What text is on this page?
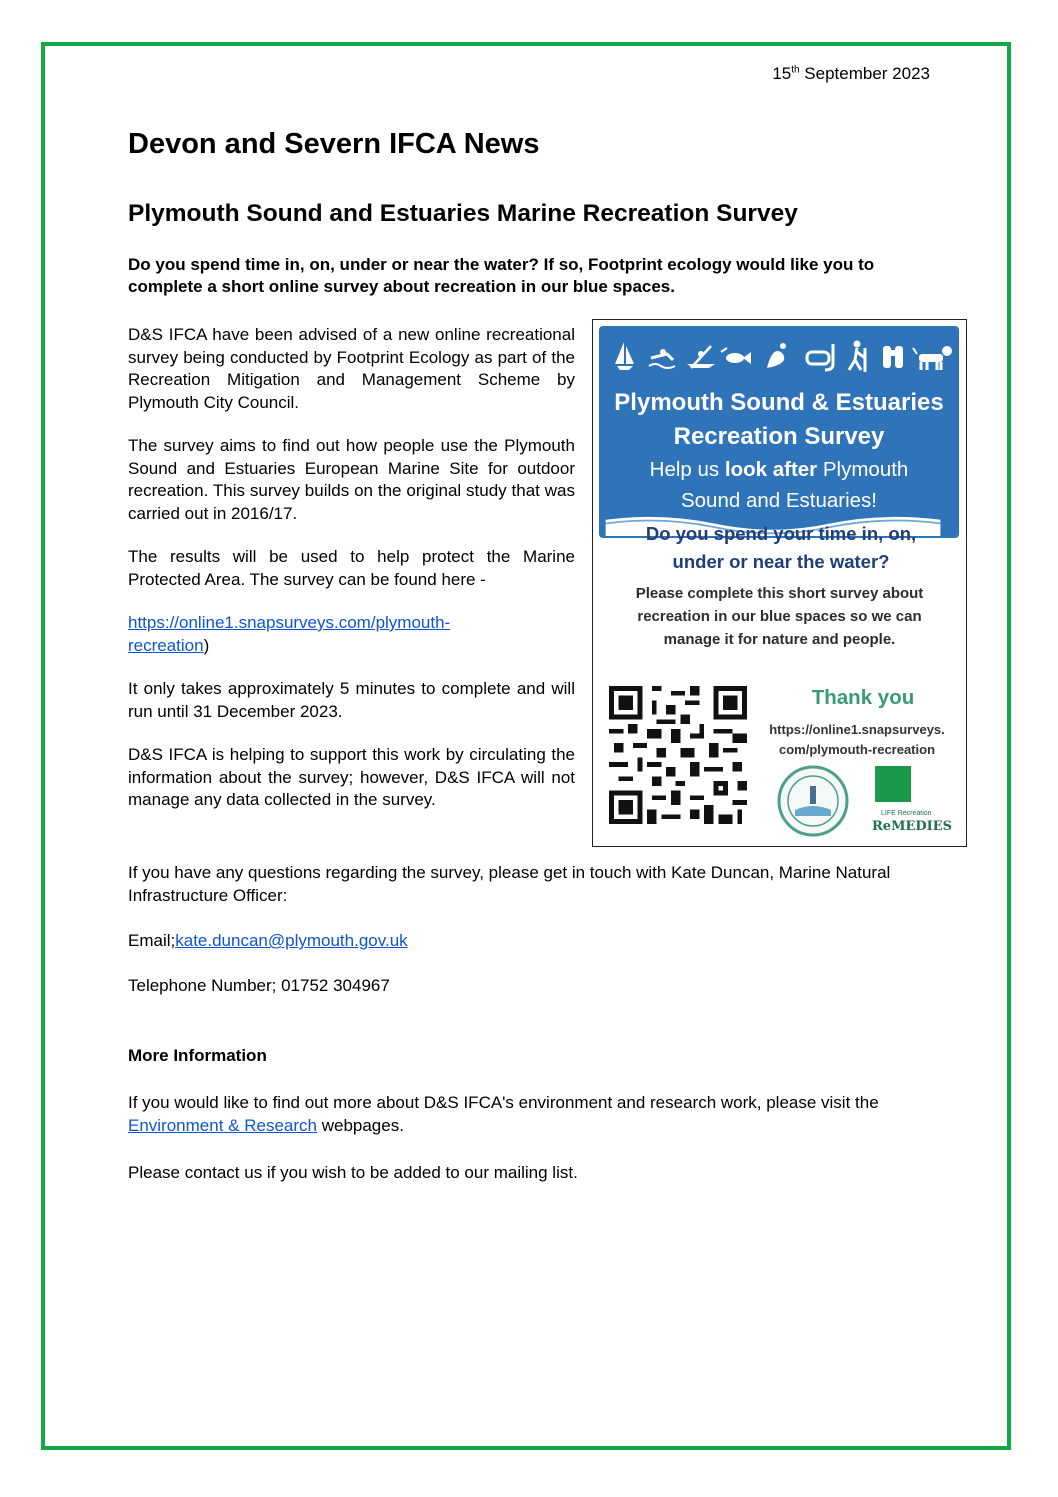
15th September 2023
Devon and Severn IFCA News
Plymouth Sound and Estuaries Marine Recreation Survey
Do you spend time in, on, under or near the water? If so, Footprint ecology would like you to complete a short online survey about recreation in our blue spaces.

D&S IFCA have been advised of a new online recreational survey being conducted by Footprint Ecology as part of the Recreation Mitigation and Management Scheme by Plymouth City Council.

The survey aims to find out how people use the Plymouth Sound and Estuaries European Marine Site for outdoor recreation. This survey builds on the original study that was carried out in 2016/17.

The results will be used to help protect the Marine Protected Area. The survey can be found here -

https://online1.snapsurveys.com/plymouth-
recreation)

It only takes approximately 5 minutes to complete and will run until 31 December 2023.

D&S IFCA is helping to support this work by circulating the information about the survey; however, D&S IFCA will not manage any data collected in the survey.

If you have any questions regarding the survey, please get in touch with Kate Duncan, Marine Natural Infrastructure Officer:
Email;kate.duncan@plymouth.gov.uk
Telephone Number; 01752 304967
More Information
If you would like to find out more about D&S IFCA's environment and research work, please visit the Environment & Research webpages.
Please contact us if you wish to be added to our mailing list.
Plymouth Sound & Estuaries
Recreation Survey
Help us look after Plymouth Sound and Estuaries!
Do you spend your time in, on,
under or near the water?
Please complete this short survey about recreation in our blue spaces so we can manage it for nature and people.
Thank you
https://online1.snapsurveys.
com/plymouth-recreation
LIFE Recreation
ReMEDIES
